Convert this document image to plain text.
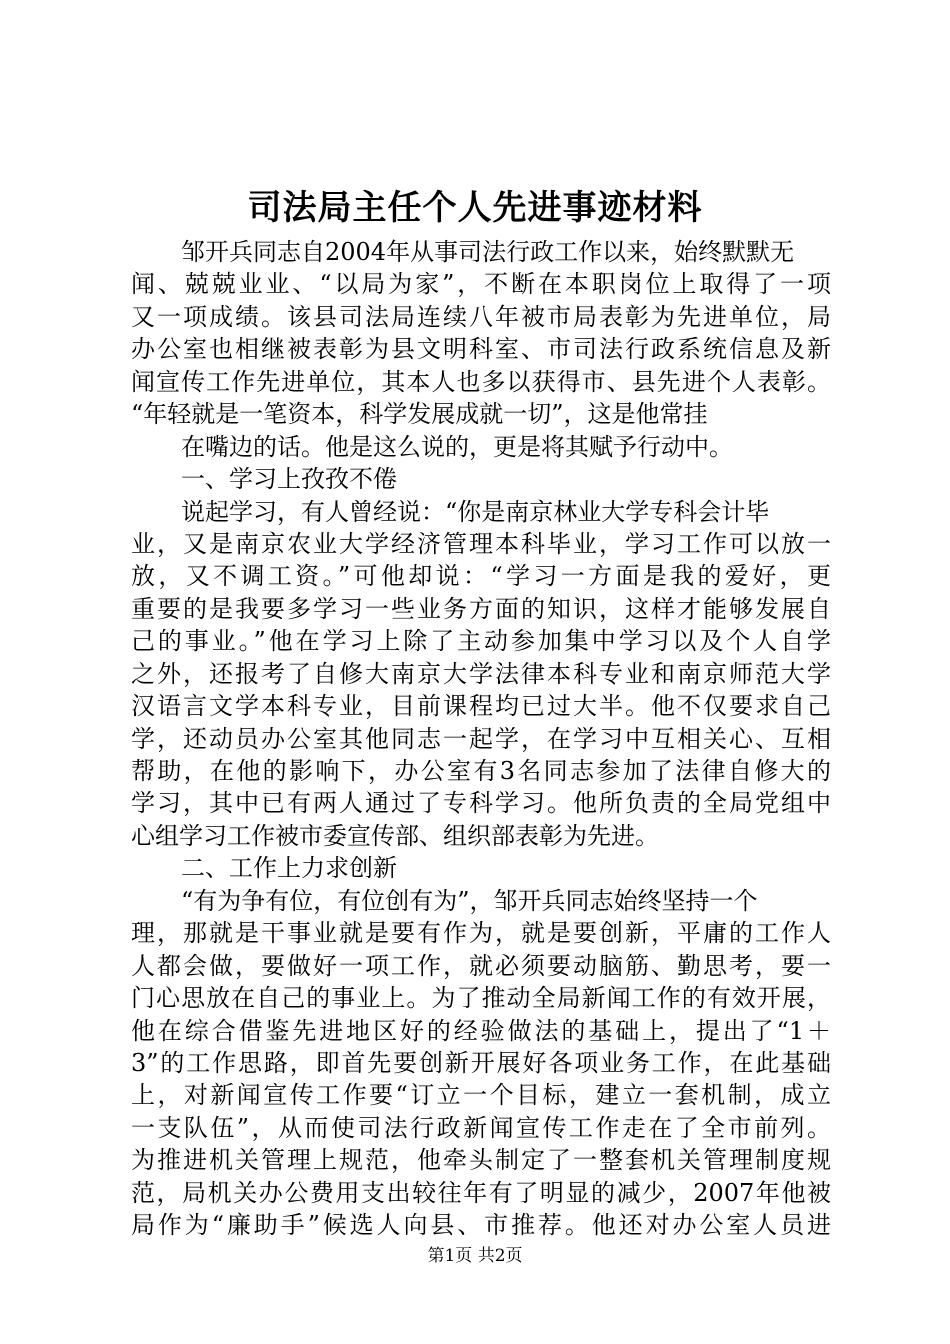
司法局主任个人先进事迹材料
邹开兵同志自2004年从事司法行政工作以来，始终默默无
闻、兢兢业业、“以局为家”，不断在本职岗位上取得了一项
又一项成绩。该县司法局连续八年被市局表彰为先进单位，局
办公室也相继被表彰为县文明科室、市司法行政系统信息及新
闻宣传工作先进单位，其本人也多以获得市、县先进个人表彰。
“年轻就是一笔资本，科学发展成就一切”，这是他常挂
在嘴边的话。他是这么说的，更是将其赋予行动中。
一、学习上孜孜不倦
说起学习，有人曾经说：“你是南京林业大学专科会计毕
业，又是南京农业大学经济管理本科毕业，学习工作可以放一
放，又不调工资。”可他却说：“学习一方面是我的爱好，更
重要的是我要多学习一些业务方面的知识，这样才能够发展自
己的事业。”他在学习上除了主动参加集中学习以及个人自学
之外，还报考了自修大南京大学法律本科专业和南京师范大学
汉语言文学本科专业，目前课程均已过大半。他不仅要求自己
学，还动员办公室其他同志一起学，在学习中互相关心、互相
帮助，在他的影响下，办公室有3名同志参加了法律自修大的
学习，其中已有两人通过了专科学习。他所负责的全局党组中
心组学习工作被市委宣传部、组织部表彰为先进。
二、工作上力求创新
“有为争有位，有位创有为”，邹开兵同志始终坚持一个
理，那就是干事业就是要有作为，就是要创新，平庸的工作人
人都会做，要做好一项工作，就必须要动脑筋、勤思考，要一
门心思放在自己的事业上。为了推动全局新闻工作的有效开展，
他在综合借鉴先进地区好的经验做法的基础上，提出了“1＋
3”的工作思路，即首先要创新开展好各项业务工作，在此基础
上，对新闻宣传工作要“订立一个目标，建立一套机制，成立
一支队伍”，从而使司法行政新闻宣传工作走在了全市前列。
为推进机关管理上规范，他牵头制定了一整套机关管理制度规
范，局机关办公费用支出较往年有了明显的减少，2007年他被
局作为“廉助手”候选人向县、市推荐。他还对办公室人员进
第1页 共2页
